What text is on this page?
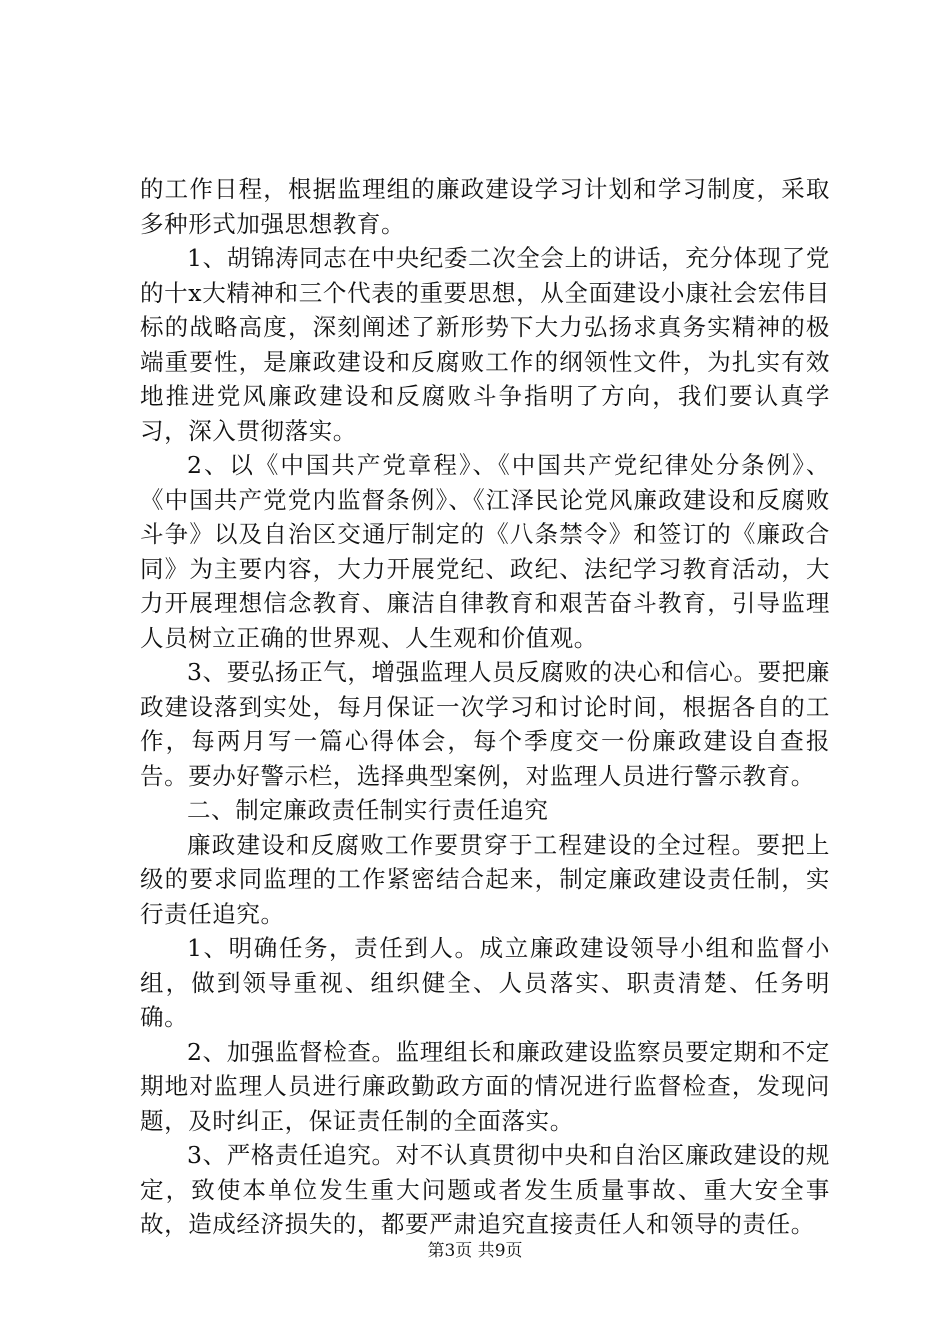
的工作日程，根据监理组的廉政建设学习计划和学习制度，采取多种形式加强思想教育。

1、胡锦涛同志在中央纪委二次全会上的讲话，充分体现了党的十x大精神和三个代表的重要思想，从全面建设小康社会宏伟目标的战略高度，深刻阐述了新形势下大力弘扬求真务实精神的极端重要性，是廉政建设和反腐败工作的纲领性文件，为扎实有效地推进党风廉政建设和反腐败斗争指明了方向，我们要认真学习，深入贯彻落实。

2、以《中国共产党章程》、《中国共产党纪律处分条例》、《中国共产党党内监督条例》、《江泽民论党风廉政建设和反腐败斗争》以及自治区交通厅制定的《八条禁令》和签订的《廉政合同》为主要内容，大力开展党纪、政纪、法纪学习教育活动，大力开展理想信念教育、廉洁自律教育和艰苦奋斗教育，引导监理人员树立正确的世界观、人生观和价值观。

3、要弘扬正气，增强监理人员反腐败的决心和信心。要把廉政建设落到实处，每月保证一次学习和讨论时间，根据各自的工作，每两月写一篇心得体会，每个季度交一份廉政建设自查报告。要办好警示栏，选择典型案例，对监理人员进行警示教育。

二、制定廉政责任制实行责任追究

廉政建设和反腐败工作要贯穿于工程建设的全过程。要把上级的要求同监理的工作紧密结合起来，制定廉政建设责任制，实行责任追究。

1、明确任务，责任到人。成立廉政建设领导小组和监督小组，做到领导重视、组织健全、人员落实、职责清楚、任务明确。

2、加强监督检查。监理组长和廉政建设监察员要定期和不定期地对监理人员进行廉政勤政方面的情况进行监督检查，发现问题，及时纠正，保证责任制的全面落实。

3、严格责任追究。对不认真贯彻中央和自治区廉政建设的规定，致使本单位发生重大问题或者发生质量事故、重大安全事故，造成经济损失的，都要严肃追究直接责任人和领导的责任。

第3页 共9页
